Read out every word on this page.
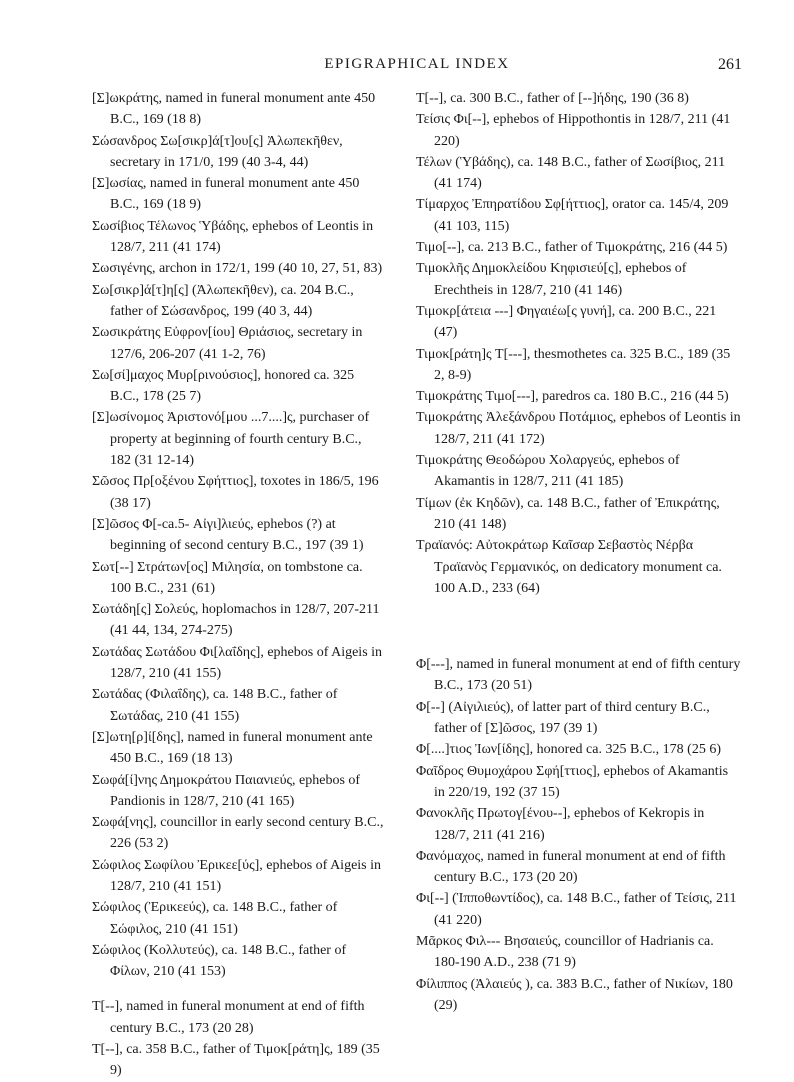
EPIGRAPHICAL INDEX	261

[Σ]ωκράτης, named in funeral monument ante 450 B.C., 169 (18 8)

Σώσανδρος Σω[σικρ]ά[τ]ου[ς] Ἀλωπεκῆθεν, secretary in 171/0, 199 (40 3-4, 44)

[Σ]ωσίας, named in funeral monument ante 450 B.C., 169 (18 9)

Σωσίβιος Τέλωνος Ὑβάδης, ephebos of Leontis in 128/7, 211 (41 174)

Σωσιγένης, archon in 172/1, 199 (40 10, 27, 51, 83)

Σω[σικρ]ά[τ]η[ς] (Ἀλωπεκῆθεν), ca. 204 B.C., father of Σώσανδρος, 199 (40 3, 44)

Σωσικράτης Εὐφρον[ίου] Θριάσιος, secretary in 127/6, 206-207 (41 1-2, 76)

Σω[σί]μαχος Μυρ[ρινούσιος], honored ca. 325 B.C., 178 (25 7)

[Σ]ωσίνομος Ἀριστονό[μου ...7....]ς, purchaser of property at beginning of fourth century B.C., 182 (31 12-14)

Σῶσος Πρ[οξένου Σφήττιος], toxotes in 186/5, 196 (38 17)

[Σ]ῶσος Φ[-ca.5- Αἰγι]λιεύς, ephebos (?) at beginning of second century B.C., 197 (39 1)

Σωτ[--] Στράτων[ος] Μιλησία, on tombstone ca. 100 B.C., 231 (61)

Σωτάδη[ς] Σολεύς, hoplomachos in 128/7, 207-211 (41 44, 134, 274-275)

Σωτάδας Σωτάδου Φι[λαΐδης], ephebos of Aigeis in 128/7, 210 (41 155)

Σωτάδας (Φιλαΐδης), ca. 148 B.C., father of Σωτάδας, 210 (41 155)

[Σ]ωτη[ρ]ί[δης], named in funeral monument ante 450 B.C., 169 (18 13)

Σωφά[ί]νης Δημοκράτου Παιανιεύς, ephebos of Pandionis in 128/7, 210 (41 165)

Σωφά[νης], councillor in early second century B.C., 226 (53 2)

Σώφιλος Σωφίλου Ἐρικεε[ύς], ephebos of Aigeis in 128/7, 210 (41 151)

Σώφιλος (Ἐρικεεύς), ca. 148 B.C., father of Σώφιλος, 210 (41 151)

Σώφιλος (Κολλυτεύς), ca. 148 B.C., father of Φίλων, 210 (41 153)

T[--], named in funeral monument at end of fifth century B.C., 173 (20 28)

T[--], ca. 358 B.C., father of Τιμοκ[ράτη]ς, 189 (35 9)

T[--], ca. 300 B.C., father of [--]ήδης, 190 (36 8)

Τείσις Φι[--], ephebos of Hippothontis in 128/7, 211 (41 220)

Τέλων (Ὑβάδης), ca. 148 B.C., father of Σωσίβιος, 211 (41 174)

Τίμαρχος Ἐπηρατίδου Σφ[ήττιος], orator ca. 145/4, 209 (41 103, 115)

Τιμο[--], ca. 213 B.C., father of Τιμοκράτης, 216 (44 5)

Τιμοκλῆς Δημοκλείδου Κηφισιεύ[ς], ephebos of Erechtheis in 128/7, 210 (41 146)

Τιμοκρ[άτεια ---] Φηγαιέω[ς γυνή], ca. 200 B.C., 221 (47)

Τιμοκ[ράτη]ς T[---], thesmothetes ca. 325 B.C., 189 (35 2, 8-9)

Τιμοκράτης Τιμο[---], paredros ca. 180 B.C., 216 (44 5)

Τιμοκράτης Ἀλεξάνδρου Ποτάμιος, ephebos of Leontis in 128/7, 211 (41 172)

Τιμοκράτης Θεοδώρου Χολαργεύς, ephebos of Akamantis in 128/7, 211 (41 185)

Τίμων (ἐκ Κηδῶν), ca. 148 B.C., father of Ἐπικράτης, 210 (41 148)

Τραϊανός: Αὐτοκράτωρ Καῖσαρ Σεβαστὸς Νέρβα Τραϊανὸς Γερμανικός, on dedicatory monument ca. 100 A.D., 233 (64)

Φ[---], named in funeral monument at end of fifth century B.C., 173 (20 51)

Φ[--] (Αἰγιλιεύς), of latter part of third century B.C., father of [Σ]ῶσος, 197 (39 1)

Φ[....]τιος Ἰων[ίδης], honored ca. 325 B.C., 178 (25 6)

Φαῖδρος Θυμοχάρου Σφή[ττιος], ephebos of Akamantis in 220/19, 192 (37 15)

Φανοκλῆς Πρωτογ[ένου--], ephebos of Kekropis in 128/7, 211 (41 216)

Φανόμαχος, named in funeral monument at end of fifth century B.C., 173 (20 20)

Φι[--] (Ἱπποθωντίδος), ca. 148 B.C., father of Τείσις, 211 (41 220)

Μᾶρκος Φιλ--- Βησαιεύς, councillor of Hadrianis ca. 180-190 A.D., 238 (71 9)

Φίλιππος (Ἀλαιεύς ), ca. 383 B.C., father of Νικίων, 180 (29)
